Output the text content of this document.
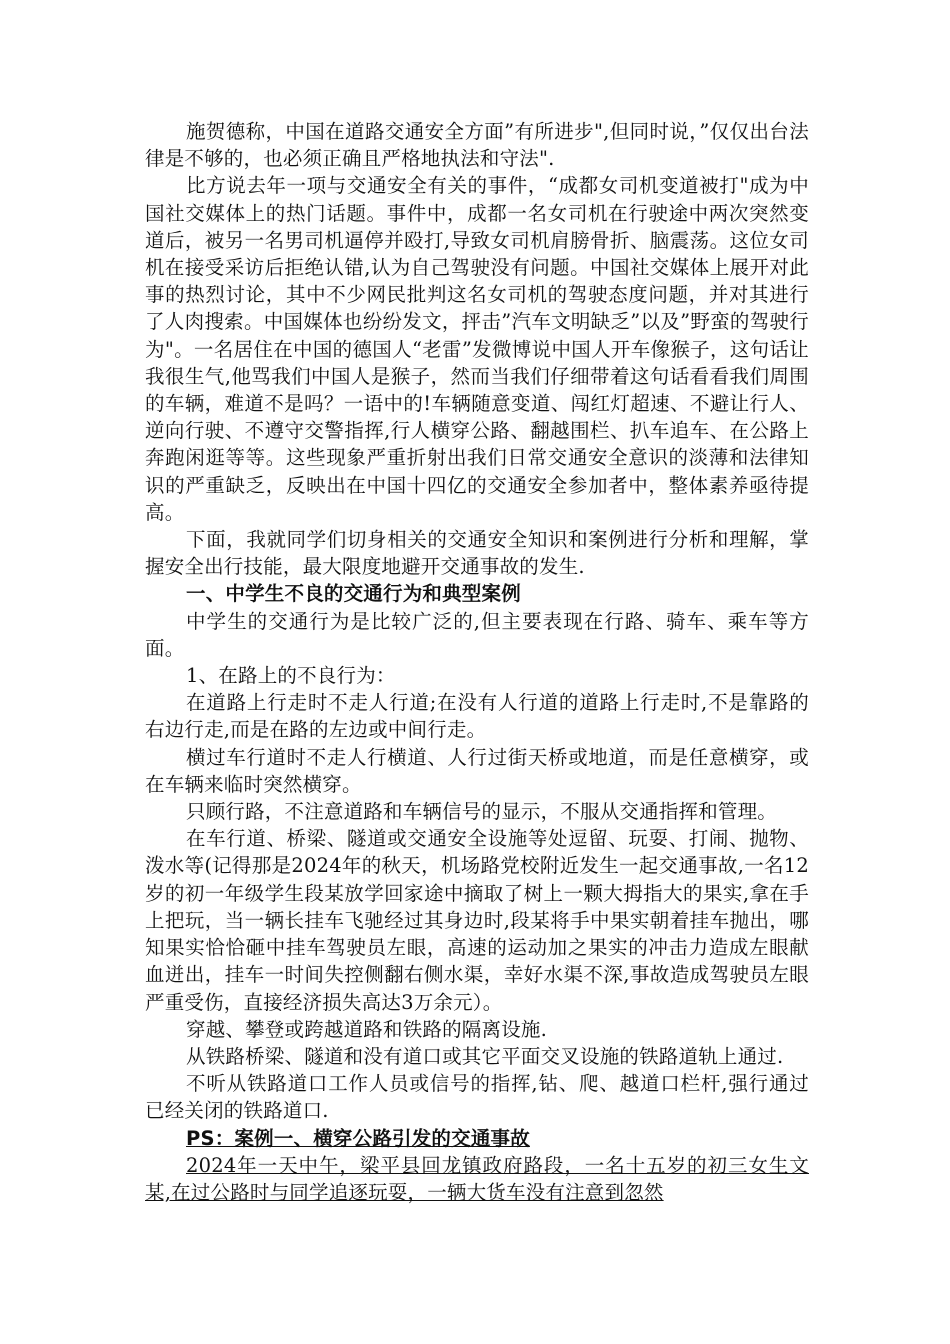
施贺德称，中国在道路交通安全方面”有所进步",但同时说，”仅仅出台法律是不够的，也必须正确且严格地执法和守法".

比方说去年一项与交通安全有关的事件，“成都女司机变道被打"成为中国社交媒体上的热门话题。事件中，成都一名女司机在行驶途中两次突然变道后，被另一名男司机逼停并殴打,导致女司机肩膀骨折、脑震荡。这位女司机在接受采访后拒绝认错,认为自己驾驶没有问题。中国社交媒体上展开对此事的热烈讨论，其中不少网民批判这名女司机的驾驶态度问题，并对其进行了人肉搜索。中国媒体也纷纷发文，抨击”汽车文明缺乏”以及”野蛮的驾驶行为"。一名居住在中国的德国人“老雷”发微博说中国人开车像猴子，这句话让我很生气,他骂我们中国人是猴子，然而当我们仔细带着这句话看看我们周围的车辆，难道不是吗？一语中的!车辆随意变道、闯红灯超速、不避让行人、逆向行驶、不遵守交警指挥,行人横穿公路、翻越围栏、扒车追车、在公路上奔跑闲逛等等。这些现象严重折射出我们日常交通安全意识的淡薄和法律知识的严重缺乏，反映出在中国十四亿的交通安全参加者中，整体素养亟待提高。

下面，我就同学们切身相关的交通安全知识和案例进行分析和理解，掌握安全出行技能，最大限度地避开交通事故的发生.

一、中学生不良的交通行为和典型案例

中学生的交通行为是比较广泛的,但主要表现在行路、骑车、乘车等方面。

1、在路上的不良行为：

在道路上行走时不走人行道;在没有人行道的道路上行走时,不是靠路的右边行走,而是在路的左边或中间行走。

横过车行道时不走人行横道、人行过街天桥或地道，而是任意横穿，或在车辆来临时突然横穿。

只顾行路，不注意道路和车辆信号的显示，不服从交通指挥和管理。

在车行道、桥梁、隧道或交通安全设施等处逗留、玩耍、打闹、抛物、泼水等(记得那是2024年的秋天，机场路党校附近发生一起交通事故,一名12岁的初一年级学生段某放学回家途中摘取了树上一颗大拇指大的果实,拿在手上把玩，当一辆长挂车飞驰经过其身边时,段某将手中果实朝着挂车抛出，哪知果实恰恰砸中挂车驾驶员左眼，高速的运动加之果实的冲击力造成左眼献血迸出，挂车一时间失控侧翻右侧水渠，幸好水渠不深,事故造成驾驶员左眼严重受伤，直接经济损失高达3万余元）。

穿越、攀登或跨越道路和铁路的隔离设施.

从铁路桥梁、隧道和没有道口或其它平面交叉设施的铁路道轨上通过.

不听从铁路道口工作人员或信号的指挥,钻、爬、越道口栏杆,强行通过已经关闭的铁路道口.

PS：案例一、横穿公路引发的交通事故

2024年一天中午，梁平县回龙镇政府路段，一名十五岁的初三女生文某,在过公路时与同学追逐玩耍，一辆大货车没有注意到忽然
